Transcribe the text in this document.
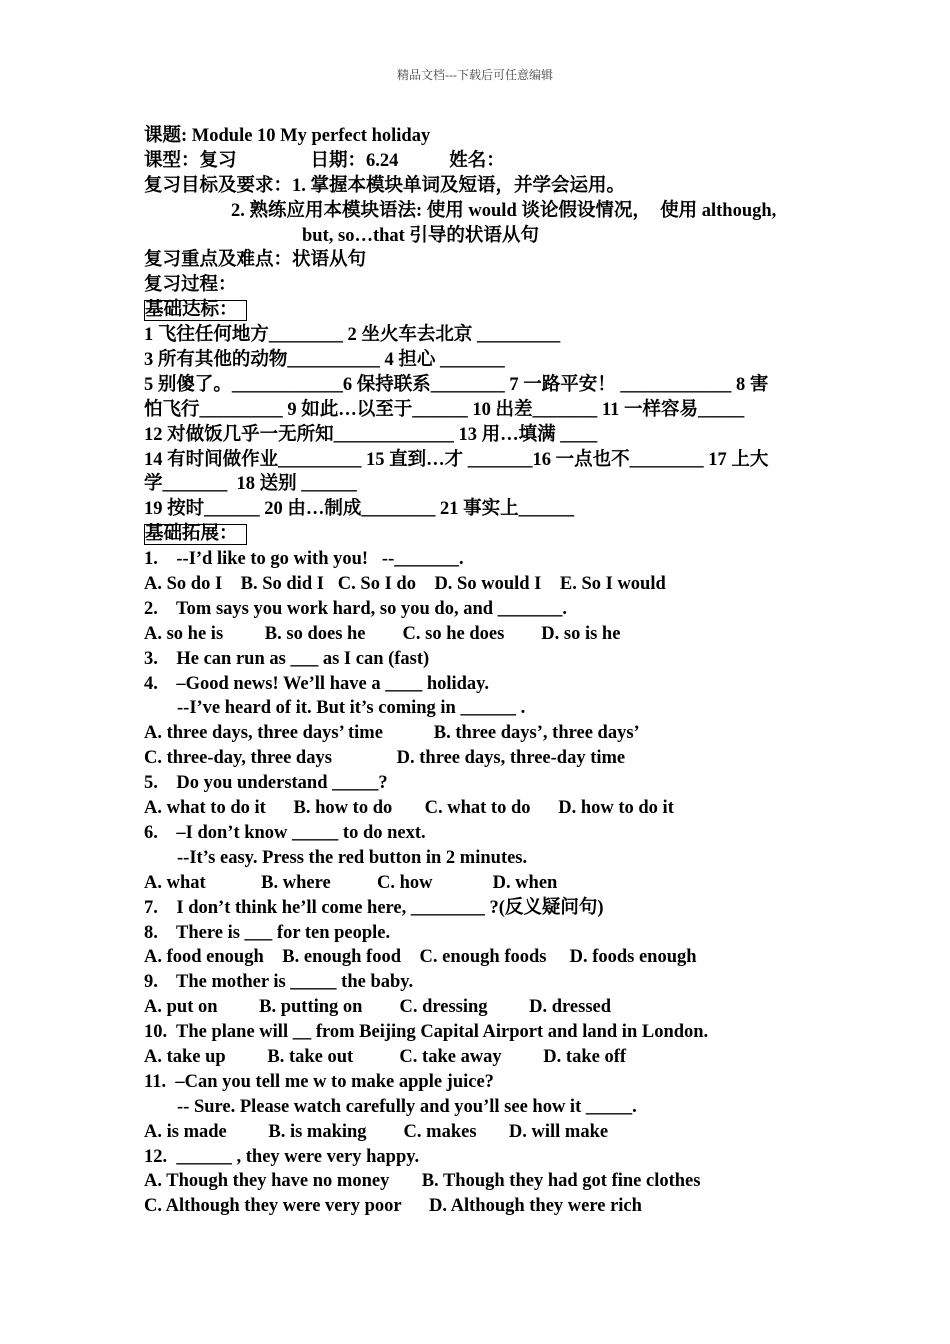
精品文档---下载后可任意编辑
课题: Module 10 My perfect holiday
课型：复习                日期：6.24           姓名：
复习目标及要求：1. 掌握本模块单词及短语，并学会运用。
2. 熟练应用本模块语法: 使用 would 谈论假设情况，  使用 although,
but, so…that 引导的状语从句
复习重点及难点：状语从句
复习过程：
基础达标：
1 飞往任何地方________ 2 坐火车去北京 _________
3 所有其他的动物__________ 4 担心 _______
5 别傻了。____________6 保持联系________ 7 一路平安！ ____________ 8 害
怕飞行_________ 9 如此…以至于______ 10 出差_______ 11 一样容易_____
12 对做饭几乎一无所知_____________ 13 用…填满 ____
14 有时间做作业_________ 15 直到…才 _______16 一点也不________ 17 上大
学_______  18 送别 ______
19 按时______ 20 由…制成________ 21 事实上______
基础拓展：
1.    --I’d like to go with you!   --_______.
A. So do I    B. So did I   C. So I do    D. So would I    E. So I would
2.    Tom says you work hard, so you do, and _______.
A. so he is         B. so does he        C. so he does        D. so is he
3.    He can run as ___ as I can (fast)
4.    –Good news! We’ll have a ____ holiday.
--I’ve heard of it. But it’s coming in ______ .
A. three days, three days’ time           B. three days’, three days’
C. three-day, three days              D. three days, three-day time
5.    Do you understand _____?
A. what to do it      B. how to do       C. what to do      D. how to do it
6.    –I don’t know _____ to do next.
--It’s easy. Press the red button in 2 minutes.
A. what            B. where          C. how             D. when
7.    I don’t think he’ll come here, ________ ?(反义疑问句)
8.    There is ___ for ten people.
A. food enough    B. enough food    C. enough foods     D. foods enough
9.    The mother is _____ the baby.
A. put on         B. putting on        C. dressing         D. dressed
10.  The plane will __ from Beijing Capital Airport and land in London.
A. take up         B. take out          C. take away         D. take off
11.  –Can you tell me w to make apple juice?
-- Sure. Please watch carefully and you’ll see how it _____.
A. is made         B. is making        C. makes       D. will make
12.  ______ , they were very happy.
A. Though they have no money       B. Though they had got fine clothes
C. Although they were very poor      D. Although they were rich
